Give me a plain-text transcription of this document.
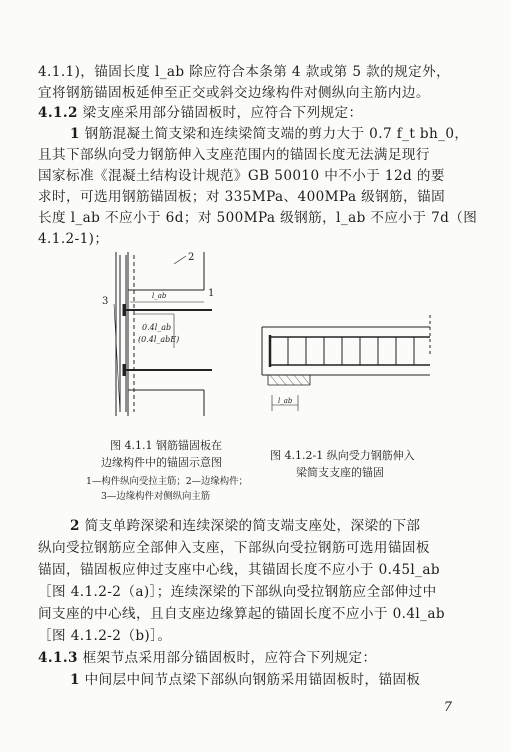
4.1.1)，锚固长度 l_ab 除应符合本条第 4 款或第 5 款的规定外，
宜将钢筋锚固板延伸至正交或斜交边缘构件对侧纵向主筋内边。
4.1.2 梁支座采用部分锚固板时，应符合下列规定：
1 钢筋混凝土简支梁和连续梁简支端的剪力大于 0.7 f_t bh_0，
且其下部纵向受力钢筋伸入支座范围内的锚固长度无法满足现行
国家标准《混凝土结构设计规范》GB 50010 中不小于 12d 的要
求时，可选用钢筋锚固板；对 335MPa、400MPa 级钢筋，锚固
长度 l_ab 不应小于 6d；对 500MPa 级钢筋，l_ab 不应小于 7d（图
4.1.2-1)；
2
1
3	l_ab
0.4l_ab
(0.4l_abE)
l_ab
图 4.1.1 钢筋锚固板在
边缘构件中的锚固示意图
1—构件纵向受拉主筋；2—边缘构件；
3—边缘构件对侧纵向主筋
图 4.1.2-1 纵向受力钢筋伸入
梁简支支座的锚固
2 简支单跨深梁和连续深梁的简支端支座处，深梁的下部
纵向受拉钢筋应全部伸入支座，下部纵向受拉钢筋可选用锚固板
锚固，锚固板应伸过支座中心线，其锚固长度不应小于 0.45l_ab
［图 4.1.2-2（a)］；连续深梁的下部纵向受拉钢筋应全部伸过中
间支座的中心线，且自支座边缘算起的锚固长度不应小于 0.4l_ab
［图 4.1.2-2（b)］。
4.1.3 框架节点采用部分锚固板时，应符合下列规定：
1 中间层中间节点梁下部纵向钢筋采用锚固板时，锚固板
7
